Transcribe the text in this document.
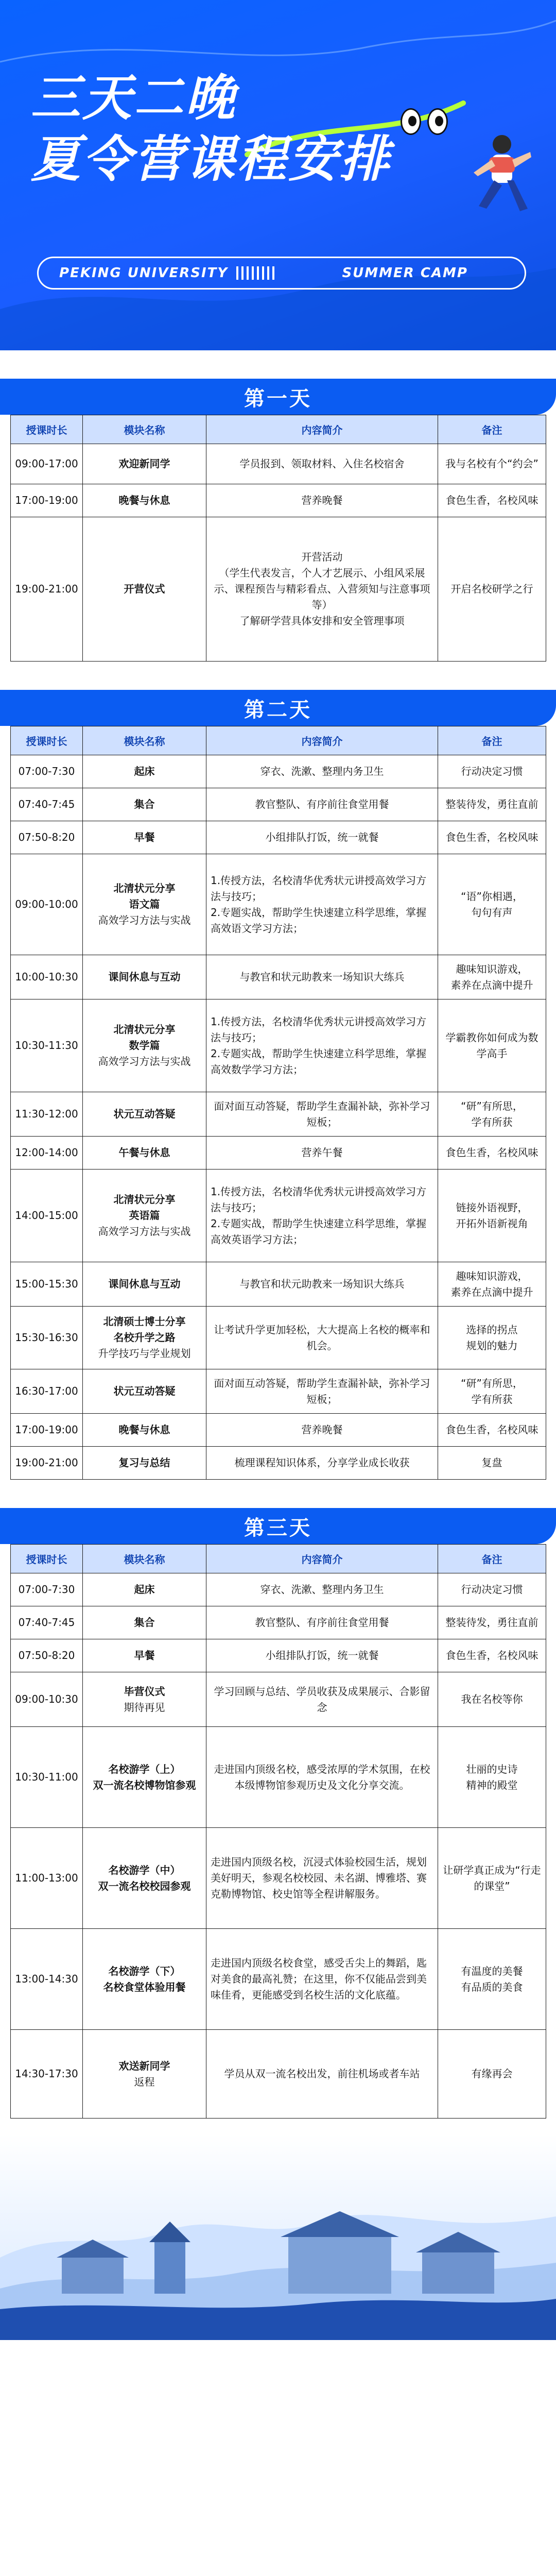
三天二晚
夏令营课程安排
PEKING UNIVERSITY	SUMMER CAMP
第一天
授课时长	模块名称	内容简介	备注
09:00-17:00	欢迎新同学	学员报到、领取材料、入住名校宿舍	我与名校有个“约会”
17:00-19:00	晚餐与休息	营养晚餐	食色生香，名校风味
19:00-21:00	开营仪式	开营活动
（学生代表发言，个人才艺展示、小组风采展示、课程预告与精彩看点、入营须知与注意事项等）
了解研学营具体安排和安全管理事项	开启名校研学之行
第二天
授课时长	模块名称	内容简介	备注
07:00-7:30	起床	穿衣、洗漱、整理内务卫生	行动决定习惯
07:40-7:45	集合	教官整队、有序前往食堂用餐	整装待发，勇往直前
07:50-8:20	早餐	小组排队打饭，统一就餐	食色生香，名校风味
09:00-10:00	北清状元分享
语文篇
高效学习方法与实战	1.传授方法，名校清华优秀状元讲授高效学习方法与技巧；
2.专题实战，帮助学生快速建立科学思维，掌握高效语文学习方法；	“语”你相遇，
句句有声
10:00-10:30	课间休息与互动	与教官和状元助教来一场知识大练兵	趣味知识游戏，
素养在点滴中提升
10:30-11:30	北清状元分享
数学篇
高效学习方法与实战	1.传授方法，名校清华优秀状元讲授高效学习方法与技巧；
2.专题实战，帮助学生快速建立科学思维，掌握高效数学学习方法；	学霸教你如何成为数学高手
11:30-12:00	状元互动答疑	面对面互动答疑，帮助学生查漏补缺，弥补学习短板；	“研”有所思，
学有所获
12:00-14:00	午餐与休息	营养午餐	食色生香，名校风味
14:00-15:00	北清状元分享
英语篇
高效学习方法与实战	1.传授方法，名校清华优秀状元讲授高效学习方法与技巧；
2.专题实战，帮助学生快速建立科学思维，掌握高效英语学习方法；	链接外语视野，
开拓外语新视角
15:00-15:30	课间休息与互动	与教官和状元助教来一场知识大练兵	趣味知识游戏，
素养在点滴中提升
15:30-16:30	北清硕士博士分享
名校升学之路
升学技巧与学业规划	让考试升学更加轻松，大大提高上名校的概率和机会。	选择的拐点
规划的魅力
16:30-17:00	状元互动答疑	面对面互动答疑，帮助学生查漏补缺，弥补学习短板；	“研”有所思，
学有所获
17:00-19:00	晚餐与休息	营养晚餐	食色生香，名校风味
19:00-21:00	复习与总结	梳理课程知识体系，分享学业成长收获	复盘
第三天
授课时长	模块名称	内容简介	备注
07:00-7:30	起床	穿衣、洗漱、整理内务卫生	行动决定习惯
07:40-7:45	集合	教官整队、有序前往食堂用餐	整装待发，勇往直前
07:50-8:20	早餐	小组排队打饭，统一就餐	食色生香，名校风味
09:00-10:30	毕营仪式
期待再见	学习回顾与总结、学员收获及成果展示、合影留念	我在名校等你
10:30-11:00	名校游学（上）
双一流名校博物馆参观	走进国内顶级名校，感受浓厚的学术氛围，在校本级博物馆参观历史及文化分享交流。	壮丽的史诗
精神的殿堂
11:00-13:00	名校游学（中）
双一流名校校园参观	走进国内顶级名校，沉浸式体验校园生活，规划美好明天，参观名校校园、未名湖、博雅塔、赛克勒博物馆、校史馆等全程讲解服务。	让研学真正成为“行走的课堂”
13:00-14:30	名校游学（下）
名校食堂体验用餐	走进国内顶级名校食堂，感受舌尖上的舞蹈，匙对美食的最高礼赞；在这里，你不仅能品尝到美味佳肴，更能感受到名校生活的文化底蕴。	有温度的美餐
有品质的美食
14:30-17:30	欢送新同学
返程	学员从双一流名校出发，前往机场或者车站	有缘再会
